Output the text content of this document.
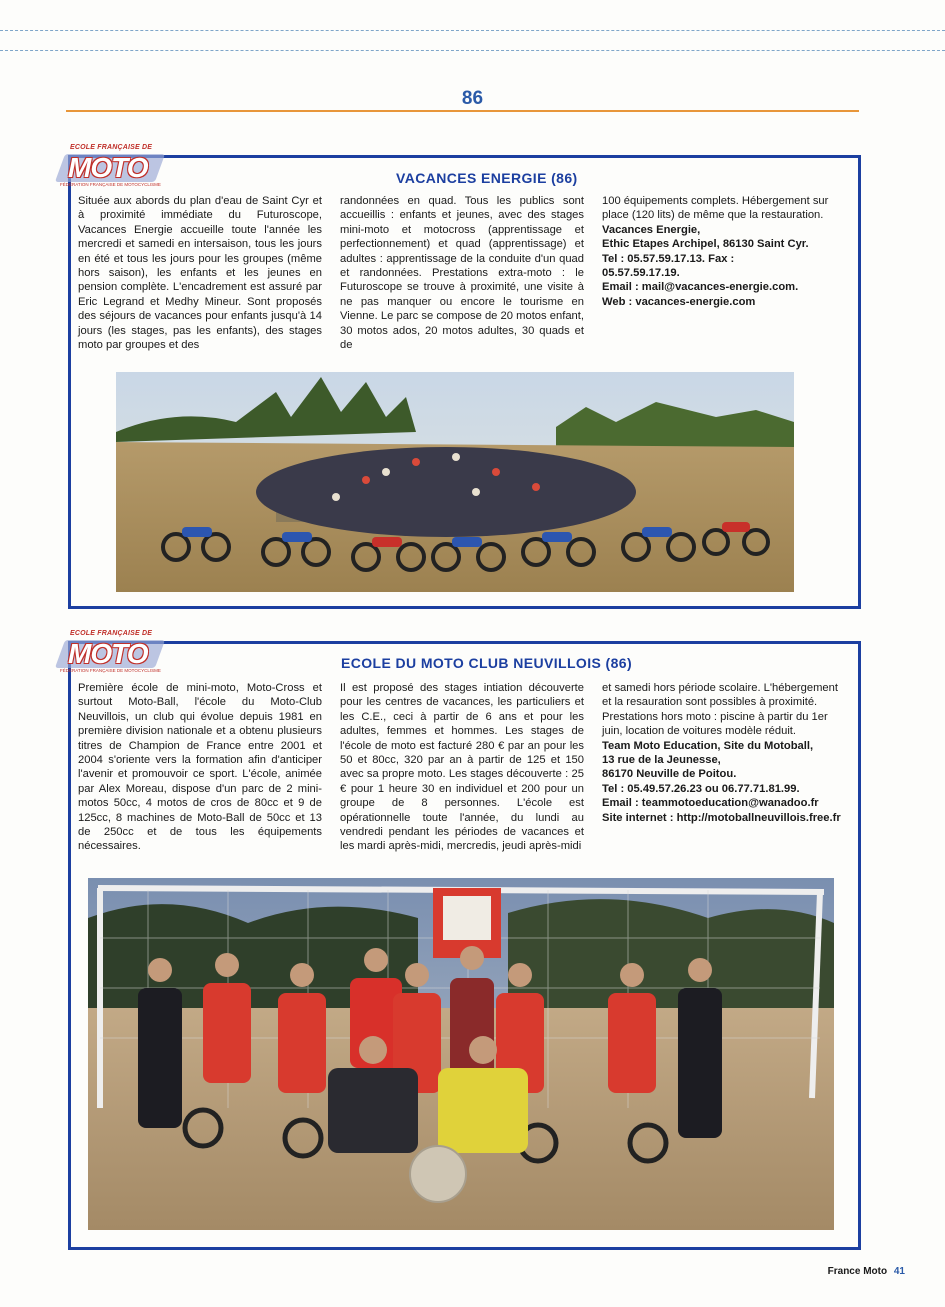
86
ECOLE FRANÇAISE DE
MOTO
FÉDÉRATION FRANÇAISE DE MOTOCYCLISME	VACANCES ENERGIE (86)

Située aux abords du plan d'eau de Saint Cyr et à proximité immédiate du Futuroscope, Vacances Energie accueille toute l'année les mercredi et samedi en intersaison, tous les jours en été et tous les jours pour les groupes (même hors saison), les enfants et les jeunes en pension complète. L'encadrement est assuré par Eric Legrand et Medhy Mineur. Sont proposés des séjours de vacances pour enfants jusqu'à 14 jours (les stages, pas les enfants), des stages moto par groupes et des

randonnées en quad. Tous les publics sont accueillis : enfants et jeunes, avec des stages mini-moto et motocross (apprentissage et perfectionnement) et quad (apprentissage) et adultes : apprentissage de la conduite d'un quad et randonnées. Prestations extra-moto : le Futuroscope se trouve à proximité, une visite à ne pas manquer ou encore le tourisme en Vienne. Le parc se compose de 20 motos enfant, 30 motos ados, 20 motos adultes, 30 quads et de

100 équipements complets. Hébergement sur place (120 lits) de même que la restauration.

Vacances Energie,
Ethic Etapes Archipel, 86130 Saint Cyr.
Tel : 05.57.59.17.13. Fax :
05.57.59.17.19.
Email : mail@vacances-energie.com.
Web : vacances-energie.com
ECOLE FRANÇAISE DE
MOTO
FÉDÉRATION FRANÇAISE DE MOTOCYCLISME	ECOLE DU MOTO CLUB NEUVILLOIS (86)

Première école de mini-moto, Moto-Cross et surtout Moto-Ball, l'école du Moto-Club Neuvillois, un club qui évolue depuis 1981 en première division nationale et a obtenu plusieurs titres de Champion de France entre 2001 et 2004 s'oriente vers la formation afin d'anticiper l'avenir et promouvoir ce sport. L'école, animée par Alex Moreau, dispose d'un parc de 2 mini-motos 50cc, 4 motos de cros de 80cc et 9 de 125cc, 8 machines de Moto-Ball de 50cc et 13 de 250cc et de tous les équipements nécessaires.

Il est proposé des stages intiation découverte pour les centres de vacances, les particuliers et les C.E., ceci à partir de 6 ans et pour les adultes, femmes et hommes. Les stages de l'école de moto est facturé 280 € par an pour les 50 et 80cc, 320 par an à partir de 125 et 150 avec sa propre moto. Les stages découverte : 25 € pour 1 heure 30 en individuel et 200 pour un groupe de 8 personnes. L'école est opérationnelle toute l'année, du lundi au vendredi pendant les périodes de vacances et les mardi après-midi, mercredis, jeudi après-midi

et samedi hors période scolaire. L'hébergement et la resauration sont possibles à proximité. Prestations hors moto : piscine à partir du 1er juin, location de voitures modèle réduit.

Team Moto Education, Site du Motoball,
13 rue de la Jeunesse,
86170 Neuville de Poitou.
Tel : 05.49.57.26.23 ou 06.77.71.81.99.
Email : teammotoeducation@wanadoo.fr
Site internet : http://motoballneuvillois.free.fr
France Moto 41
